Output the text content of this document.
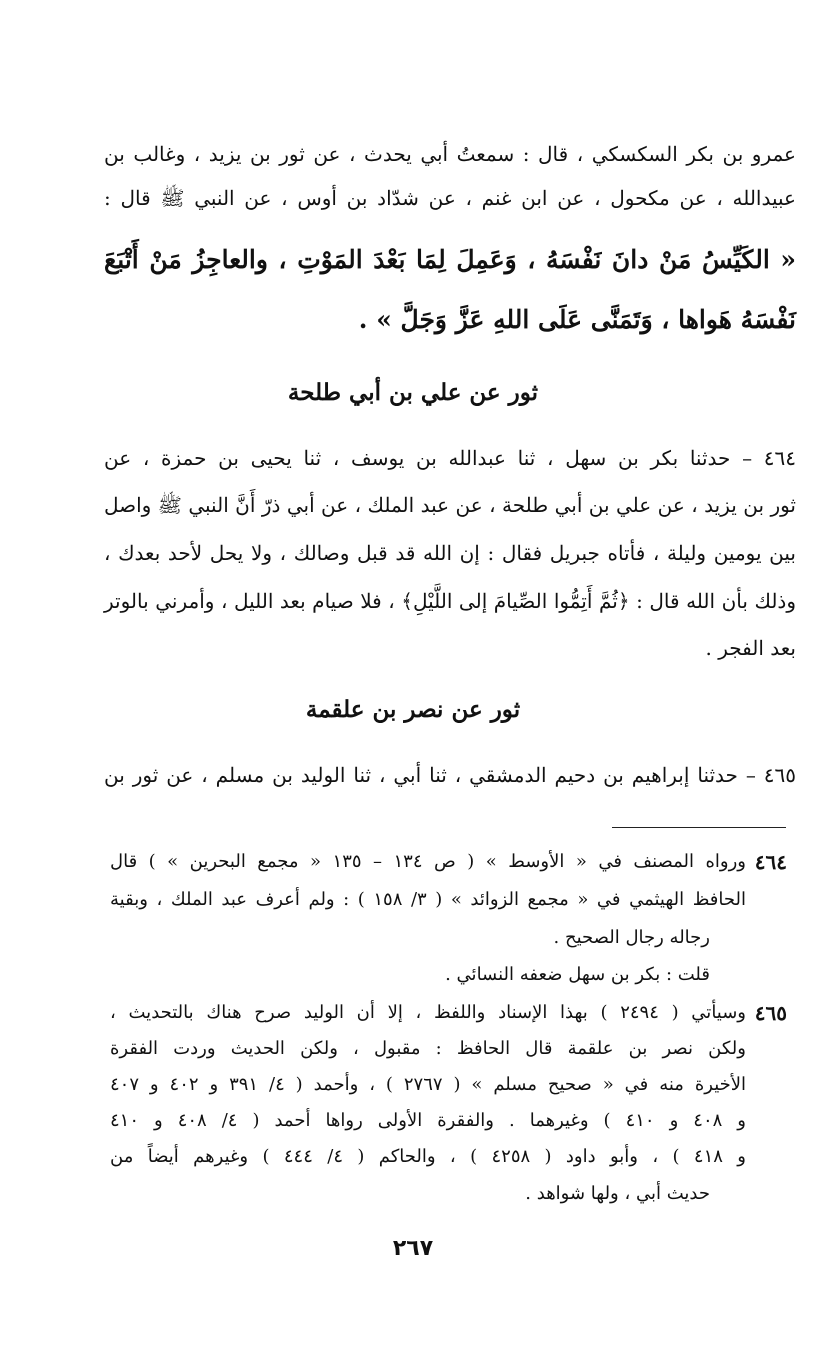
عمرو بن بكر السكسكي ، قال : سمعتُ أبي يحدث ، عن ثور بن يزيد ، وغالب بن
عبيدالله ، عن مكحول ، عن ابن غنم ، عن شدّاد بن أوس ، عن النبي ﷺ قال :
« الكَيِّسُ مَنْ دانَ نَفْسَهُ ، وَعَمِلَ لِمَا بَعْدَ المَوْتِ ، والعاجِزُ مَنْ أَتْبَعَ
نَفْسَهُ هَواها ، وَتَمَنَّى عَلَى اللهِ عَزَّ وَجَلَّ » .
ثور عن علي بن أبي طلحة
٤٦٤ – حدثنا بكر بن سهل ، ثنا عبدالله بن يوسف ، ثنا يحيى بن حمزة ، عن
ثور بن يزيد ، عن علي بن أبي طلحة ، عن عبد الملك ، عن أبي ذرّ أَنَّ النبي ﷺ واصل
بين يومين وليلة ، فأتاه جبريل فقال : إن الله قد قبل وصالك ، ولا يحل لأحد بعدك ،
وذلك بأن الله قال : ﴿ثُمَّ أَتِمُّوا الصِّيامَ إلى اللَّيْلِ﴾ ، فلا صيام بعد الليل ، وأمرني بالوتر
بعد الفجر .
ثور عن نصر بن علقمة
٤٦٥ – حدثنا إبراهيم بن دحيم الدمشقي ، ثنا أبي ، ثنا الوليد بن مسلم ، عن ثور بن
٤٦٤
ورواه المصنف في « الأوسط » ( ص ١٣٤ – ١٣٥ « مجمع البحرين » ) قال
الحافظ الهيثمي في « مجمع الزوائد » ( ٣/ ١٥٨ ) : ولم أعرف عبد الملك ، وبقية
رجاله رجال الصحيح .
قلت : بكر بن سهل ضعفه النسائي .
٤٦٥
وسيأتي ( ٢٤٩٤ ) بهذا الإسناد واللفظ ، إلا أن الوليد صرح هناك بالتحديث ،
ولكن نصر بن علقمة قال الحافظ : مقبول ، ولكن الحديث وردت الفقرة
الأخيرة منه في « صحيح مسلم » ( ٢٧٦٧ ) ، وأحمد ( ٤/ ٣٩١ و ٤٠٢ و ٤٠٧
و ٤٠٨ و ٤١٠ ) وغيرهما . والفقرة الأولى رواها أحمد ( ٤/ ٤٠٨ و ٤١٠
و ٤١٨ ) ، وأبو داود ( ٤٢٥٨ ) ، والحاكم ( ٤/ ٤٤٤ ) وغيرهم أيضاً من
حديث أبي ، ولها شواهد .
٢٦٧
